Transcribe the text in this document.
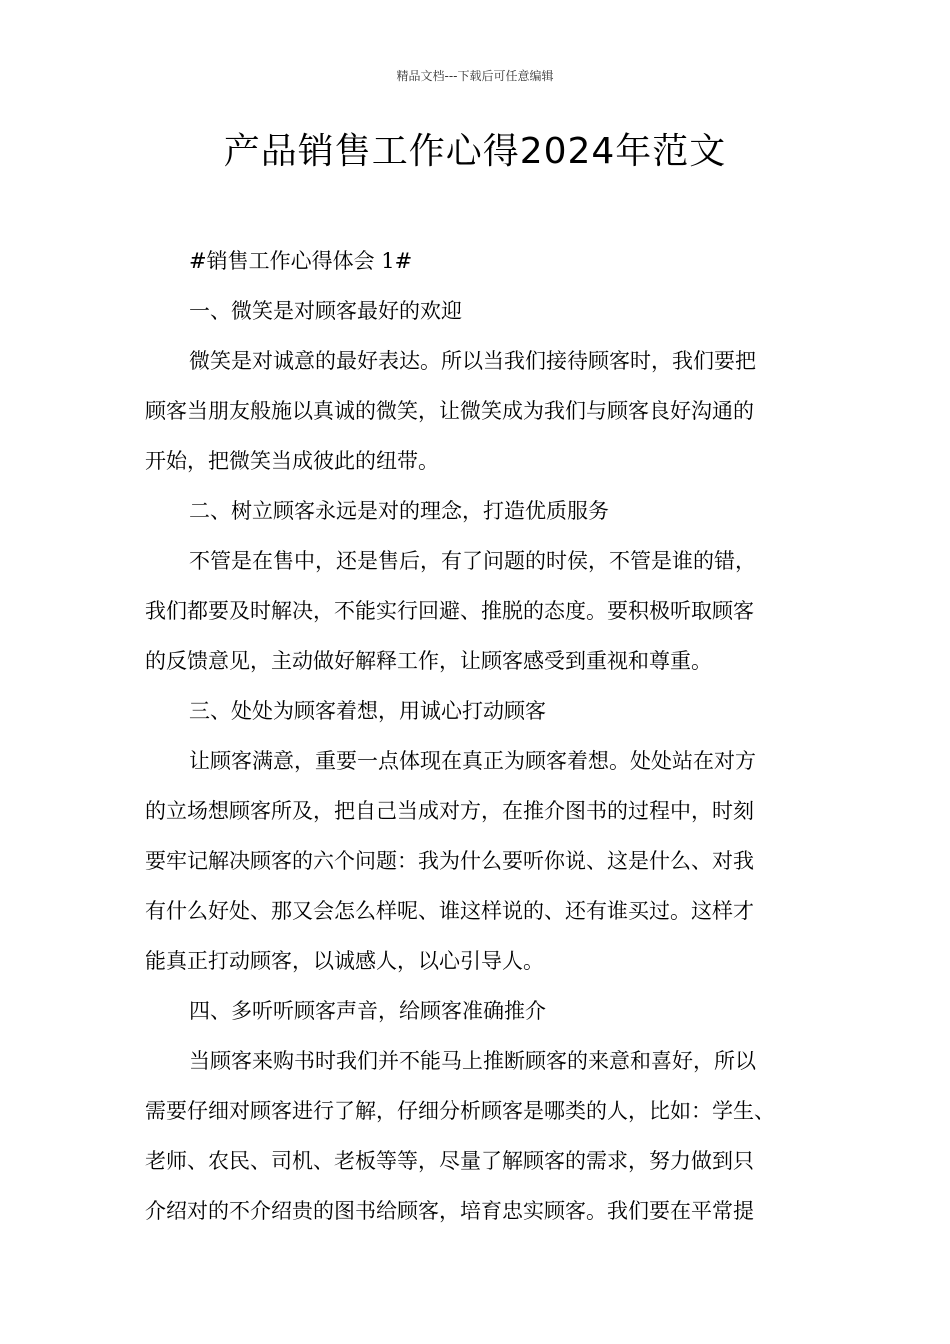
精品文档---下载后可任意编辑
产品销售工作心得2024年范文
#销售工作心得体会 1#
一、微笑是对顾客最好的欢迎
微笑是对诚意的最好表达。所以当我们接待顾客时，我们要把
顾客当朋友般施以真诚的微笑，让微笑成为我们与顾客良好沟通的
开始，把微笑当成彼此的纽带。
二、树立顾客永远是对的理念，打造优质服务
不管是在售中，还是售后，有了问题的时侯，不管是谁的错，
我们都要及时解决，不能实行回避、推脱的态度。要积极听取顾客
的反馈意见，主动做好解释工作，让顾客感受到重视和尊重。
三、处处为顾客着想，用诚心打动顾客
让顾客满意，重要一点体现在真正为顾客着想。处处站在对方
的立场想顾客所及，把自己当成对方，在推介图书的过程中，时刻
要牢记解决顾客的六个问题：我为什么要听你说、这是什么、对我
有什么好处、那又会怎么样呢、谁这样说的、还有谁买过。这样才
能真正打动顾客，以诚感人，以心引导人。
四、多听听顾客声音，给顾客准确推介
当顾客来购书时我们并不能马上推断顾客的来意和喜好，所以
需要仔细对顾客进行了解，仔细分析顾客是哪类的人，比如：学生、
老师、农民、司机、老板等等，尽量了解顾客的需求，努力做到只
介绍对的不介绍贵的图书给顾客，培育忠实顾客。我们要在平常提
